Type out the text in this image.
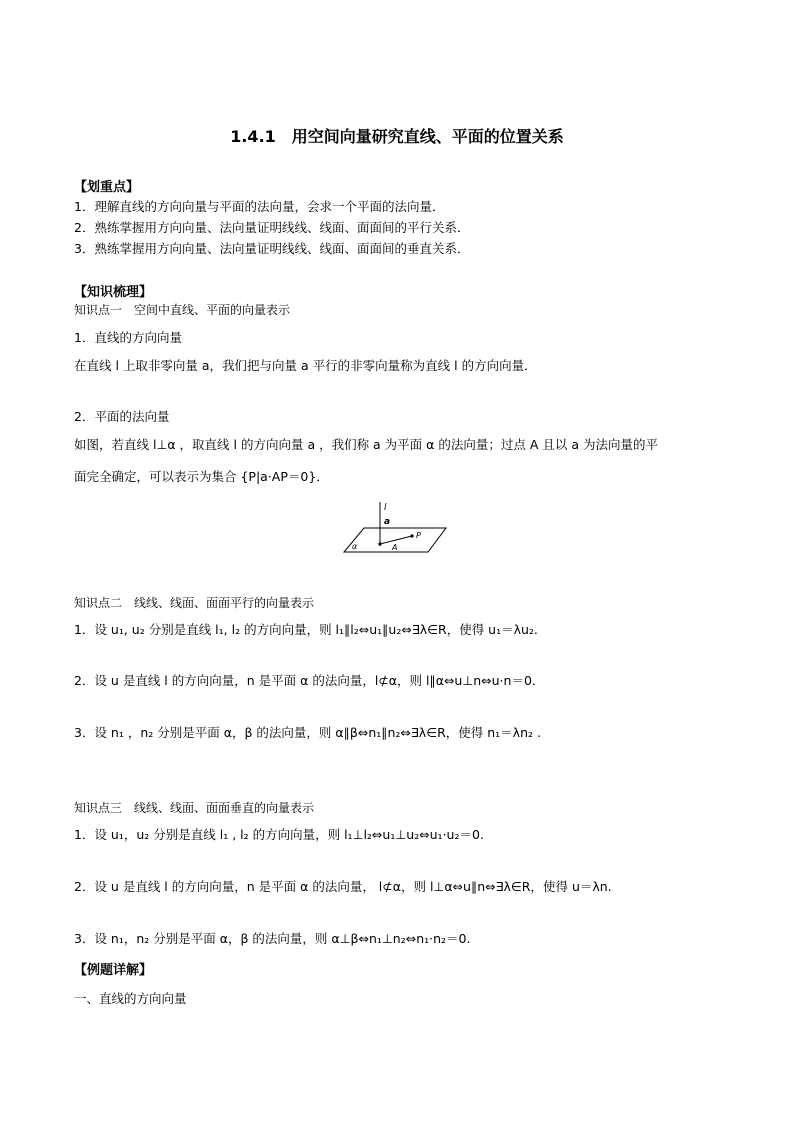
1.4.1　用空间向量研究直线、平面的位置关系
【划重点】
1．理解直线的方向向量与平面的法向量，会求一个平面的法向量．
2．熟练掌握用方向向量、法向量证明线线、线面、面面间的平行关系．
3．熟练掌握用方向向量、法向量证明线线、线面、面面间的垂直关系．
【知识梳理】
知识点一　空间中直线、平面的向量表示
1．直线的方向向量
在直线 l 上取非零向量 a，我们把与向量 a 平行的非零向量称为直线 l 的方向向量．
2．平面的法向量
如图，若直线 l⊥α ，取直线 l 的方向向量 a ，我们称 a 为平面 α 的法向量；过点 A 且以 a 为法向量的平
面完全确定，可以表示为集合 {P|a·AP＝0}．
l
a
α	A
P
知识点二　线线、线面、面面平行的向量表示
1．设 u₁, u₂ 分别是直线 l₁, l₂ 的方向向量，则 l₁∥l₂⇔u₁∥u₂⇔∃λ∈R，使得 u₁＝λu₂.
2．设 u 是直线 l 的方向向量，n 是平面 α 的法向量，l⊄α，则 l∥α⇔u⊥n⇔u·n＝0.
3．设 n₁ ，n₂ 分别是平面 α，β 的法向量，则 α∥β⇔n₁∥n₂⇔∃λ∈R，使得 n₁＝λn₂ .
知识点三　线线、线面、面面垂直的向量表示
1．设 u₁，u₂ 分别是直线 l₁ , l₂ 的方向向量，则 l₁⊥l₂⇔u₁⊥u₂⇔u₁·u₂＝0.
2．设 u 是直线 l 的方向向量，n 是平面 α 的法向量， l⊄α，则 l⊥α⇔u∥n⇔∃λ∈R，使得 u＝λn.
3．设 n₁，n₂ 分别是平面 α，β 的法向量，则 α⊥β⇔n₁⊥n₂⇔n₁·n₂＝0.
【例题详解】
一、直线的方向向量
